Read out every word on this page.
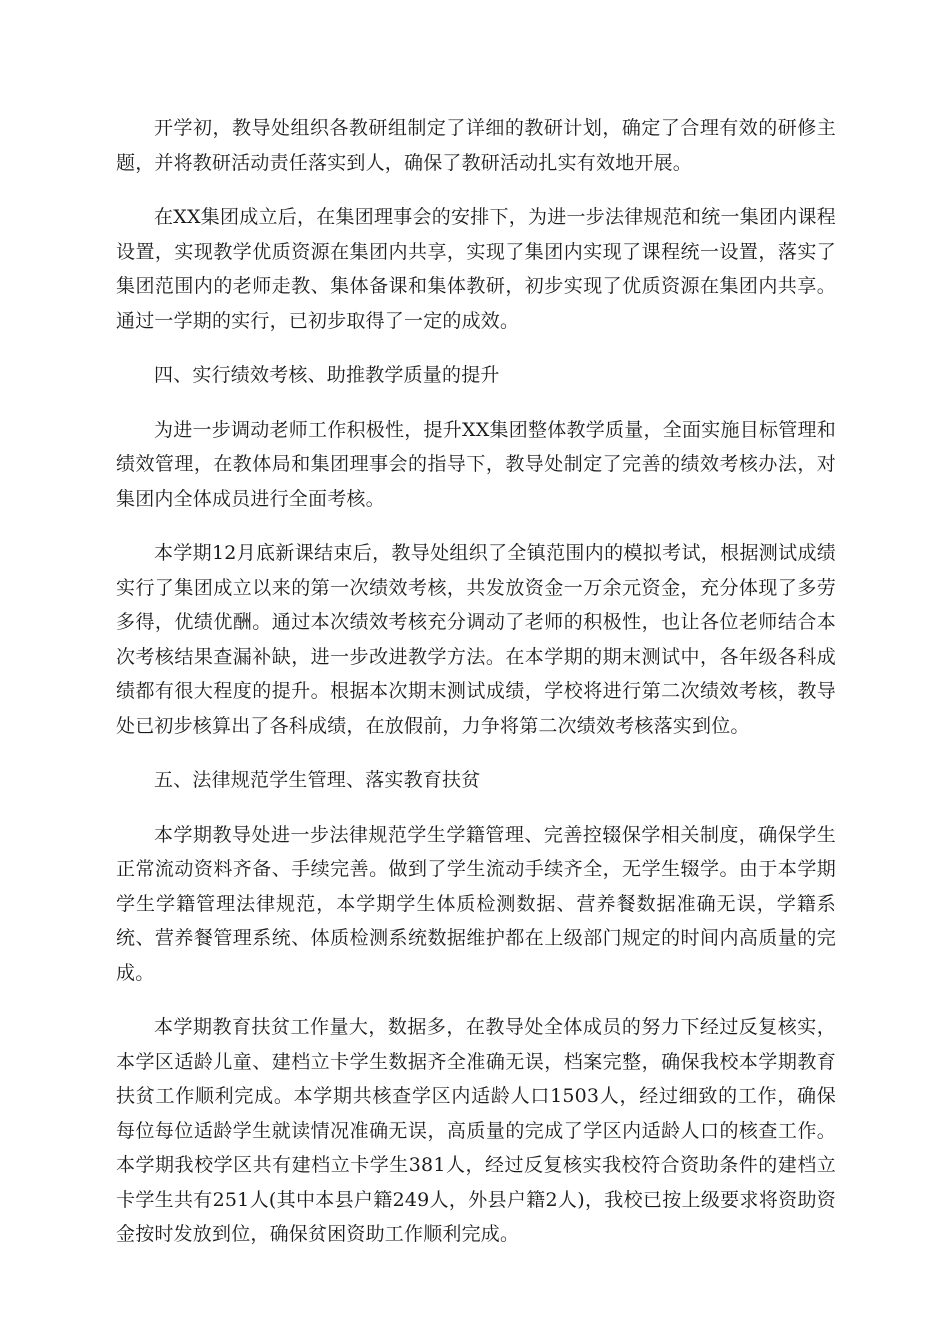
开学初，教导处组织各教研组制定了详细的教研计划，确定了合理有效的研修主题，并将教研活动责任落实到人，确保了教研活动扎实有效地开展。

在XX集团成立后，在集团理事会的安排下，为进一步法律规范和统一集团内课程设置，实现教学优质资源在集团内共享，实现了集团内实现了课程统一设置，落实了集团范围内的老师走教、集体备课和集体教研，初步实现了优质资源在集团内共享。通过一学期的实行，已初步取得了一定的成效。

四、实行绩效考核、助推教学质量的提升

为进一步调动老师工作积极性，提升XX集团整体教学质量，全面实施目标管理和绩效管理，在教体局和集团理事会的指导下，教导处制定了完善的绩效考核办法，对集团内全体成员进行全面考核。

本学期12月底新课结束后，教导处组织了全镇范围内的模拟考试，根据测试成绩实行了集团成立以来的第一次绩效考核，共发放资金一万余元资金，充分体现了多劳多得，优绩优酬。通过本次绩效考核充分调动了老师的积极性，也让各位老师结合本次考核结果查漏补缺，进一步改进教学方法。在本学期的期末测试中，各年级各科成绩都有很大程度的提升。根据本次期末测试成绩，学校将进行第二次绩效考核，教导处已初步核算出了各科成绩，在放假前，力争将第二次绩效考核落实到位。

五、法律规范学生管理、落实教育扶贫

本学期教导处进一步法律规范学生学籍管理、完善控辍保学相关制度，确保学生正常流动资料齐备、手续完善。做到了学生流动手续齐全，无学生辍学。由于本学期学生学籍管理法律规范，本学期学生体质检测数据、营养餐数据准确无误，学籍系统、营养餐管理系统、体质检测系统数据维护都在上级部门规定的时间内高质量的完成。

本学期教育扶贫工作量大，数据多，在教导处全体成员的努力下经过反复核实，本学区适龄儿童、建档立卡学生数据齐全准确无误，档案完整，确保我校本学期教育扶贫工作顺利完成。本学期共核查学区内适龄人口1503人，经过细致的工作，确保每位每位适龄学生就读情况准确无误，高质量的完成了学区内适龄人口的核查工作。本学期我校学区共有建档立卡学生381人，经过反复核实我校符合资助条件的建档立卡学生共有251人(其中本县户籍249人，外县户籍2人)，我校已按上级要求将资助资金按时发放到位，确保贫困资助工作顺利完成。
